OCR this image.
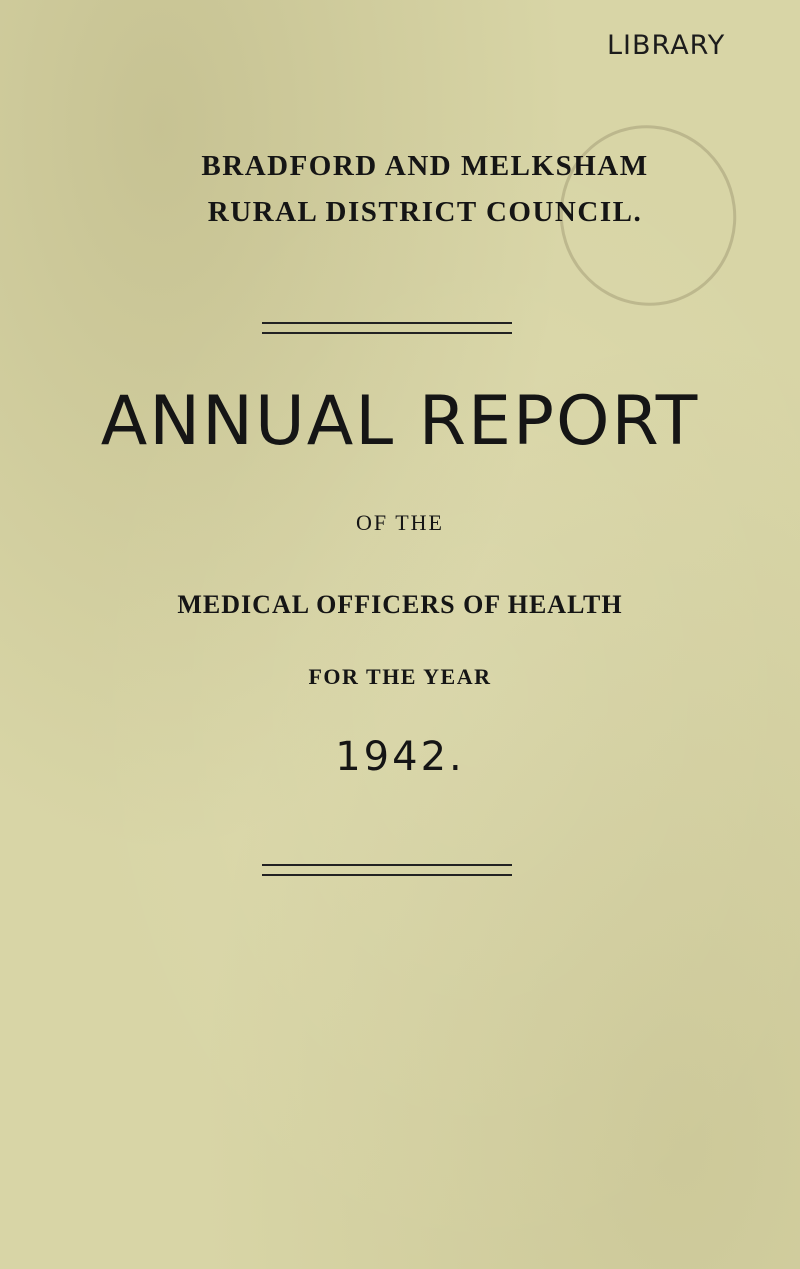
LIBRARY
BRADFORD AND MELKSHAM
RURAL DISTRICT COUNCIL.
ANNUAL REPORT
OF THE
MEDICAL OFFICERS OF HEALTH
FOR THE YEAR
1942.
